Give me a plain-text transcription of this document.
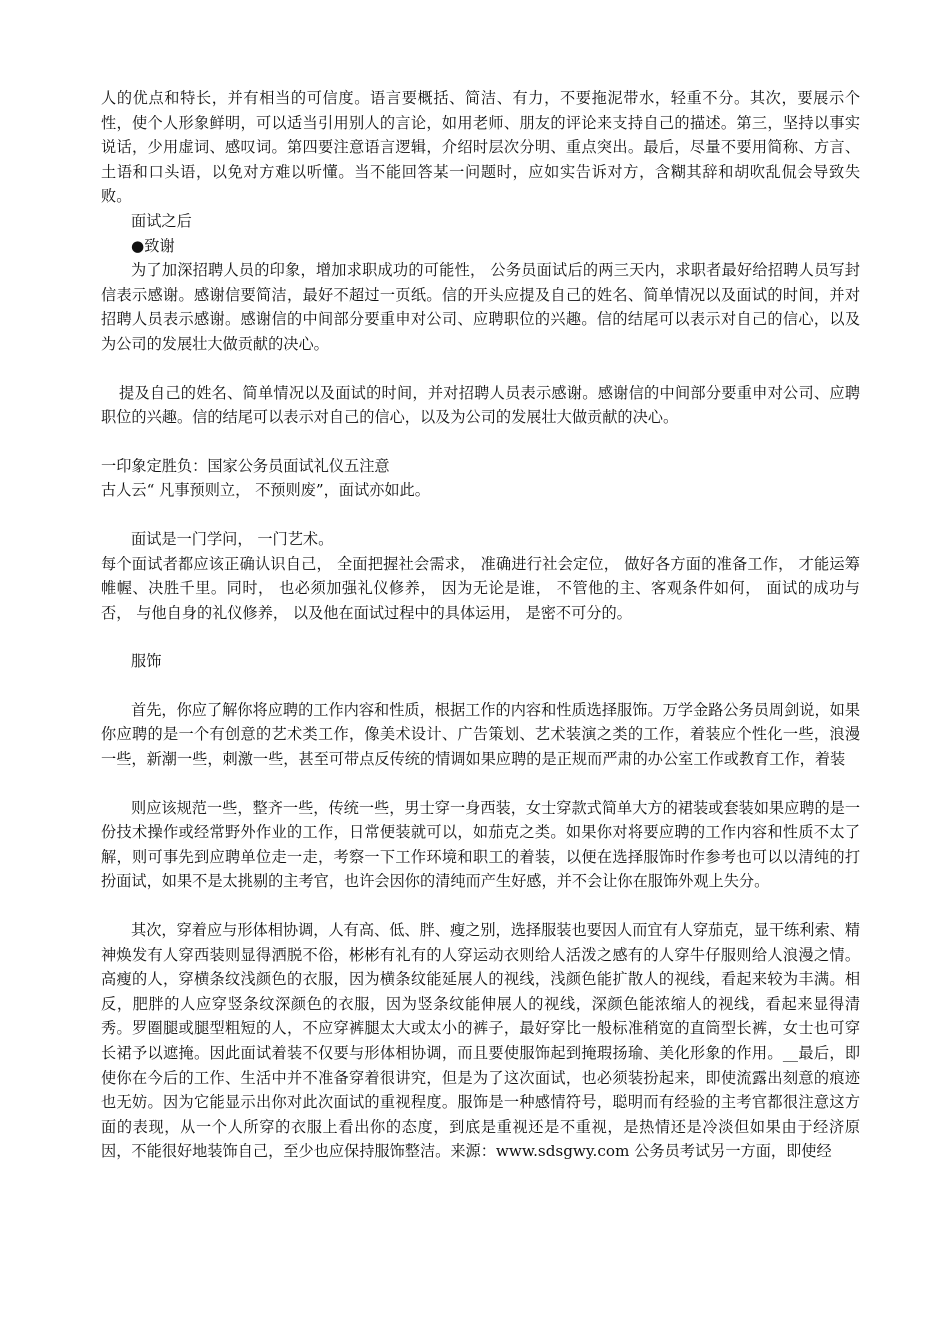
人的优点和特长，并有相当的可信度。语言要概括、简洁、有力，不要拖泥带水，轻重不分。其次，要展示个性，使个人形象鲜明，可以适当引用别人的言论，如用老师、朋友的评论来支持自己的描述。第三，坚持以事实说话，少用虚词、感叹词。第四要注意语言逻辑，介绍时层次分明、重点突出。最后，尽量不要用简称、方言、土语和口头语，以免对方难以听懂。当不能回答某一问题时，应如实告诉对方，含糊其辞和胡吹乱侃会导致失败。

面试之后

●致谢

为了加深招聘人员的印象，增加求职成功的可能性， 公务员面试后的两三天内，求职者最好给招聘人员写封信表示感谢。感谢信要简洁，最好不超过一页纸。信的开头应提及自己的姓名、简单情况以及面试的时间，并对招聘人员表示感谢。感谢信的中间部分要重申对公司、应聘职位的兴趣。信的结尾可以表示对自己的信心，以及为公司的发展壮大做贡献的决心。

提及自己的姓名、简单情况以及面试的时间，并对招聘人员表示感谢。感谢信的中间部分要重申对公司、应聘职位的兴趣。信的结尾可以表示对自己的信心，以及为公司的发展壮大做贡献的决心。

一印象定胜负：国家公务员面试礼仪五注意

古人云“ 凡事预则立， 不预则废”，面试亦如此。

面试是一门学问， 一门艺术。

每个面试者都应该正确认识自己， 全面把握社会需求， 准确进行社会定位， 做好各方面的准备工作， 才能运筹帷幄、决胜千里。同时， 也必须加强礼仪修养， 因为无论是谁， 不管他的主、客观条件如何， 面试的成功与否， 与他自身的礼仪修养， 以及他在面试过程中的具体运用， 是密不可分的。

服饰

首先，你应了解你将应聘的工作内容和性质，根据工作的内容和性质选择服饰。万学金路公务员周剑说，如果你应聘的是一个有创意的艺术类工作，像美术设计、广告策划、艺术装演之类的工作，着装应个性化一些，浪漫一些，新潮一些，刺激一些，甚至可带点反传统的情调如果应聘的是正规而严肃的办公室工作或教育工作，着装

则应该规范一些，整齐一些，传统一些，男士穿一身西装，女士穿款式简单大方的裙装或套装如果应聘的是一份技术操作或经常野外作业的工作，日常便装就可以，如茄克之类。如果你对将要应聘的工作内容和性质不太了解，则可事先到应聘单位走一走，考察一下工作环境和职工的着装，以便在选择服饰时作参考也可以以清纯的打扮面试，如果不是太挑剔的主考官，也许会因你的清纯而产生好感，并不会让你在服饰外观上失分。

其次，穿着应与形体相协调，人有高、低、胖、瘦之别，选择服装也要因人而宜有人穿茄克，显干练利索、精神焕发有人穿西装则显得洒脱不俗，彬彬有礼有的人穿运动衣则给人活泼之感有的人穿牛仔服则给人浪漫之情。高瘦的人，穿横条纹浅颜色的衣服，因为横条纹能延展人的视线，浅颜色能扩散人的视线，看起来较为丰满。相反，肥胖的人应穿竖条纹深颜色的衣服，因为竖条纹能伸展人的视线，深颜色能浓缩人的视线，看起来显得清秀。罗圈腿或腿型粗短的人，不应穿裤腿太大或太小的裤子，最好穿比一般标准稍宽的直筒型长裤，女士也可穿长裙予以遮掩。因此面试着装不仅要与形体相协调，而且要使服饰起到掩瑕扬瑜、美化形象的作用。__最后，即使你在今后的工作、生活中并不准备穿着很讲究，但是为了这次面试，也必须装扮起来，即使流露出刻意的痕迹也无妨。因为它能显示出你对此次面试的重视程度。服饰是一种感情符号，聪明而有经验的主考官都很注意这方面的表现，从一个人所穿的衣服上看出你的态度，到底是重视还是不重视，是热情还是冷淡但如果由于经济原因，不能很好地装饰自己，至少也应保持服饰整洁。来源：www.sdsgwy.com 公务员考试另一方面，即使经
